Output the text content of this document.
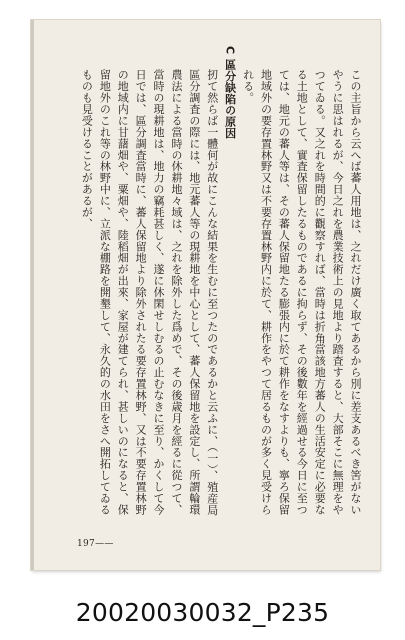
この主旨から云へば蕃人用地は、之れだけ廣く取てあるから別に差支あるべき筈がないやうに思はれるが、今日之れを農業技術上の見地より踏査すると、大部そこに無理をやつてゐる。又之れを時間的に觀察すれば、當時は折角當該地方蕃人の生活安定に必要なる土地として、實査保留したるものであるに拘らず、その後數年を經過せる今日に至つては、地元の蕃人等は、その蕃人保留地たる膨張内に於て耕作をなすよりも、寧ろ保留地域外の要存置林野又は不要存置林野内に於て、耕作をやつて居るものが多く見受けられる。
C 區分缺陷の原因
扨て然らば一體何が故にこんな結果を生むに至つたのであるかと云ふに、（一）、殖産局區分調査の際には、地元蕃人等の現耕地を中心として、蕃人保留地を設定し、所謂輪環農法による當時の休耕地々域は、之れを除外した爲めで、その後歳月を經るに從つて、當時の現耕地は、地力の竊耗甚しく、遂に休閑せしむるの止むなきに至り、かくして今日では、區分調査當時に、蕃人保留地より除外されたる要存置林野、又は不要存置林野の地域内に甘藷畑や、粟畑や、陸稻畑が出來、家屋が建てられ、甚しいのになると、保留地外のこれ等の林野中に、立派な棚路を開墾して、永久的の水田をさへ開拓してゐるものも見受けることがあるが、
197——
20020030032_P235
